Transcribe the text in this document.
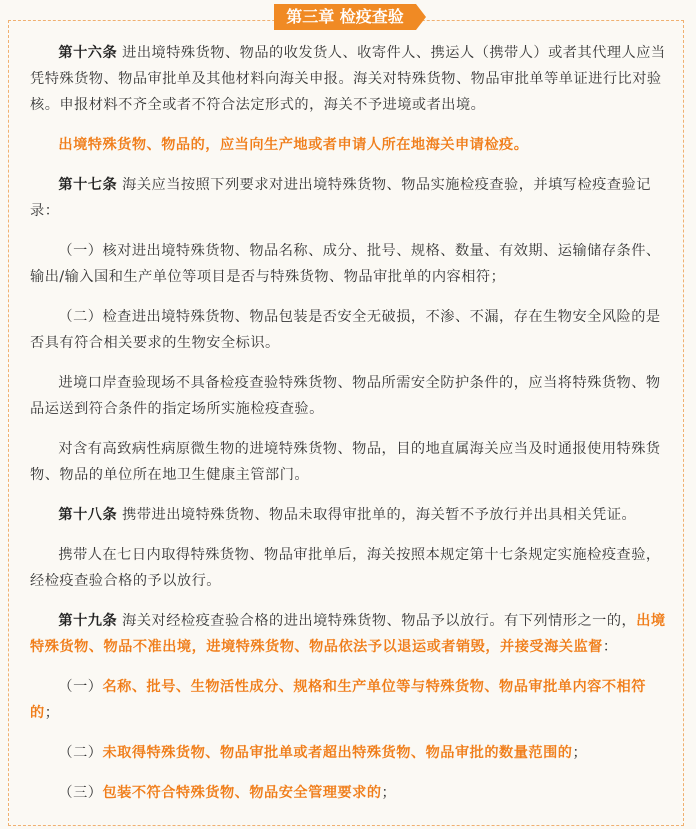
第三章 检疫查验

第十六条 进出境特殊货物、物品的收发货人、收寄件人、携运人（携带人）或者其代理人应当凭特殊货物、物品审批单及其他材料向海关申报。海关对特殊货物、物品审批单等单证进行比对验核。申报材料不齐全或者不符合法定形式的，海关不予进境或者出境。

出境特殊货物、物品的，应当向生产地或者申请人所在地海关申请检疫。

第十七条 海关应当按照下列要求对进出境特殊货物、物品实施检疫查验，并填写检疫查验记录：

（一）核对进出境特殊货物、物品名称、成分、批号、规格、数量、有效期、运输储存条件、输出/输入国和生产单位等项目是否与特殊货物、物品审批单的内容相符；

（二）检查进出境特殊货物、物品包装是否安全无破损，不渗、不漏，存在生物安全风险的是否具有符合相关要求的生物安全标识。

进境口岸查验现场不具备检疫查验特殊货物、物品所需安全防护条件的，应当将特殊货物、物品运送到符合条件的指定场所实施检疫查验。

对含有高致病性病原微生物的进境特殊货物、物品，目的地直属海关应当及时通报使用特殊货物、物品的单位所在地卫生健康主管部门。

第十八条 携带进出境特殊货物、物品未取得审批单的，海关暂不予放行并出具相关凭证。

携带人在七日内取得特殊货物、物品审批单后，海关按照本规定第十七条规定实施检疫查验，经检疫查验合格的予以放行。

第十九条 海关对经检疫查验合格的进出境特殊货物、物品予以放行。有下列情形之一的，出境特殊货物、物品不准出境，进境特殊货物、物品依法予以退运或者销毁，并接受海关监督：

（一）名称、批号、生物活性成分、规格和生产单位等与特殊货物、物品审批单内容不相符的；

（二）未取得特殊货物、物品审批单或者超出特殊货物、物品审批的数量范围的；

（三）包装不符合特殊货物、物品安全管理要求的；
